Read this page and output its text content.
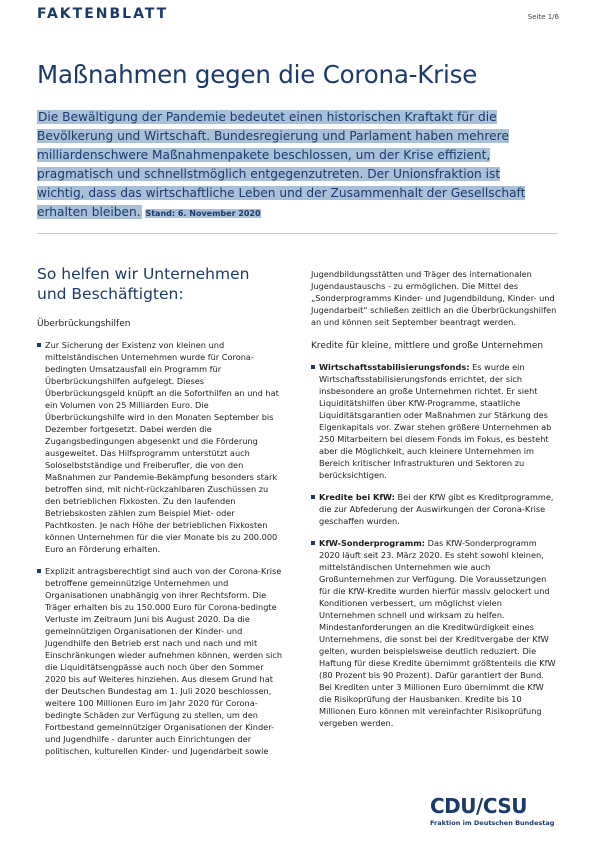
FAKTENBLATT	Seite 1/6
Maßnahmen gegen die Corona-Krise
Die Bewältigung der Pandemie bedeutet einen historischen Kraftakt für die Bevölkerung und Wirtschaft. Bundesregierung und Parlament haben mehrere milliardenschwere Maßnahmenpakete beschlossen, um der Krise effizient, pragmatisch und schnellstmöglich entgegenzutreten. Der Unionsfraktion ist wichtig, dass das wirtschaftliche Leben und der Zusammenhalt der Gesellschaft erhalten bleiben. Stand: 6. November 2020
So helfen wir Unternehmen
und Beschäftigten:
Überbrückungshilfen

Zur Sicherung der Existenz von kleinen und mittelständischen Unternehmen wurde für Corona-bedingten Umsatzausfall ein Programm für Überbrückungshilfen aufgelegt. Dieses Überbrückungsgeld knüpft an die Soforthilfen an und hat ein Volumen von 25 Milliarden Euro. Die Überbrückungshilfe wird in den Monaten September bis Dezember fortgesetzt. Dabei werden die Zugangsbedingungen abgesenkt und die Förderung ausgeweitet. Das Hilfsprogramm unterstützt auch Soloselbstständige und Freiberufler, die von den Maßnahmen zur Pandemie-Bekämpfung besonders stark betroffen sind, mit nicht-rückzahlbaren Zuschüssen zu den betrieblichen Fixkosten. Zu den laufenden Betriebskosten zählen zum Beispiel Miet- oder Pachtkosten. Je nach Höhe der betrieblichen Fixkosten können Unternehmen für die vier Monate bis zu 200.000 Euro an Förderung erhalten.

Explizit antragsberechtigt sind auch von der Corona-Krise betroffene gemeinnützige Unternehmen und Organisationen unabhängig von ihrer Rechtsform. Die Träger erhalten bis zu 150.000 Euro für Corona-bedingte Verluste im Zeitraum Juni bis August 2020. Da die gemeinnützigen Organisationen der Kinder- und Jugendhilfe den Betrieb erst nach und nach und mit Einschränkungen wieder aufnehmen können, werden sich die Liquiditätsengpässe auch noch über den Sommer 2020 bis auf Weiteres hinziehen. Aus diesem Grund hat der Deutschen Bundestag am 1. Juli 2020 beschlossen, weitere 100 Millionen Euro im Jahr 2020 für Corona-bedingte Schäden zur Verfügung zu stellen, um den Fortbestand gemeinnütziger Organisationen der Kinder- und Jugendhilfe - darunter auch Einrichtungen der politischen, kulturellen Kinder- und Jugendarbeit sowie

Jugendbildungsstätten und Träger des internationalen Jugendaustauschs - zu ermöglichen. Die Mittel des „Sonderprogramms Kinder- und Jugendbildung, Kinder- und Jugendarbeit“ schließen zeitlich an die Überbrückungshilfen an und können seit September beantragt werden.

Kredite für kleine, mittlere und große Unternehmen

Wirtschaftsstabilisierungsfonds: Es wurde ein Wirtschaftsstabilisierungsfonds errichtet, der sich insbesondere an große Unternehmen richtet. Er sieht Liquiditätshilfen über KfW-Programme, staatliche Liquiditätsgarantien oder Maßnahmen zur Stärkung des Eigenkapitals vor. Zwar stehen größere Unternehmen ab 250 Mitarbeitern bei diesem Fonds im Fokus, es besteht aber die Möglichkeit, auch kleinere Unternehmen im Bereich kritischer Infrastrukturen und Sektoren zu berücksichtigen.

Kredite bei KfW: Bei der KfW gibt es Kreditprogramme, die zur Abfederung der Auswirkungen der Corona-Krise geschaffen wurden.

KfW-Sonderprogramm: Das KfW-Sonderprogramm 2020 läuft seit 23. März 2020. Es steht sowohl kleinen, mittelständischen Unternehmen wie auch Großunternehmen zur Verfügung. Die Voraussetzungen für die KfW-Kredite wurden hierfür massiv gelockert und Konditionen verbessert, um möglichst vielen Unternehmen schnell und wirksam zu helfen. Mindestanforderungen an die Kreditwürdigkeit eines Unternehmens, die sonst bei der Kreditvergabe der KfW gelten, wurden beispielsweise deutlich reduziert. Die Haftung für diese Kredite übernimmt größtenteils die KfW (80 Prozent bis 90 Prozent). Dafür garantiert der Bund. Bei Krediten unter 3 Millionen Euro übernimmt die KfW die Risikoprüfung der Hausbanken. Kredite bis 10 Millionen Euro können mit vereinfachter Risikoprüfung vergeben werden.

CDU/CSU
Fraktion im Deutschen Bundestag
